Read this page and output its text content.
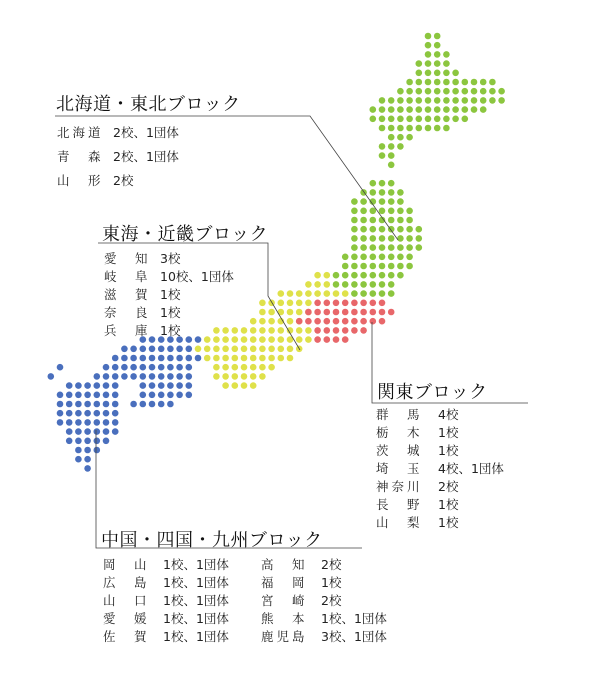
北海道・東北ブロック
北海道 2校、1団体
青　森 2校、1団体
山　形 2校
東海・近畿ブロック
愛　知 3校
岐　阜 10校、1団体
滋　賀 1校
奈　良 1校
兵　庫 1校
関東ブロック
群　馬	4校
栃　木	1校
茨　城	1校
埼　玉	4校、1団体
神奈川	2校
長　野	1校
山　梨	1校
中国・四国・九州ブロック
岡　山	1校、1団体	高　知	2校
広　島	1校、1団体	福　岡	1校
山　口	1校、1団体	宮　崎	2校
愛　媛	1校、1団体	熊　本	1校、1団体
佐　賀	1校、1団体	鹿児島	3校、1団体
